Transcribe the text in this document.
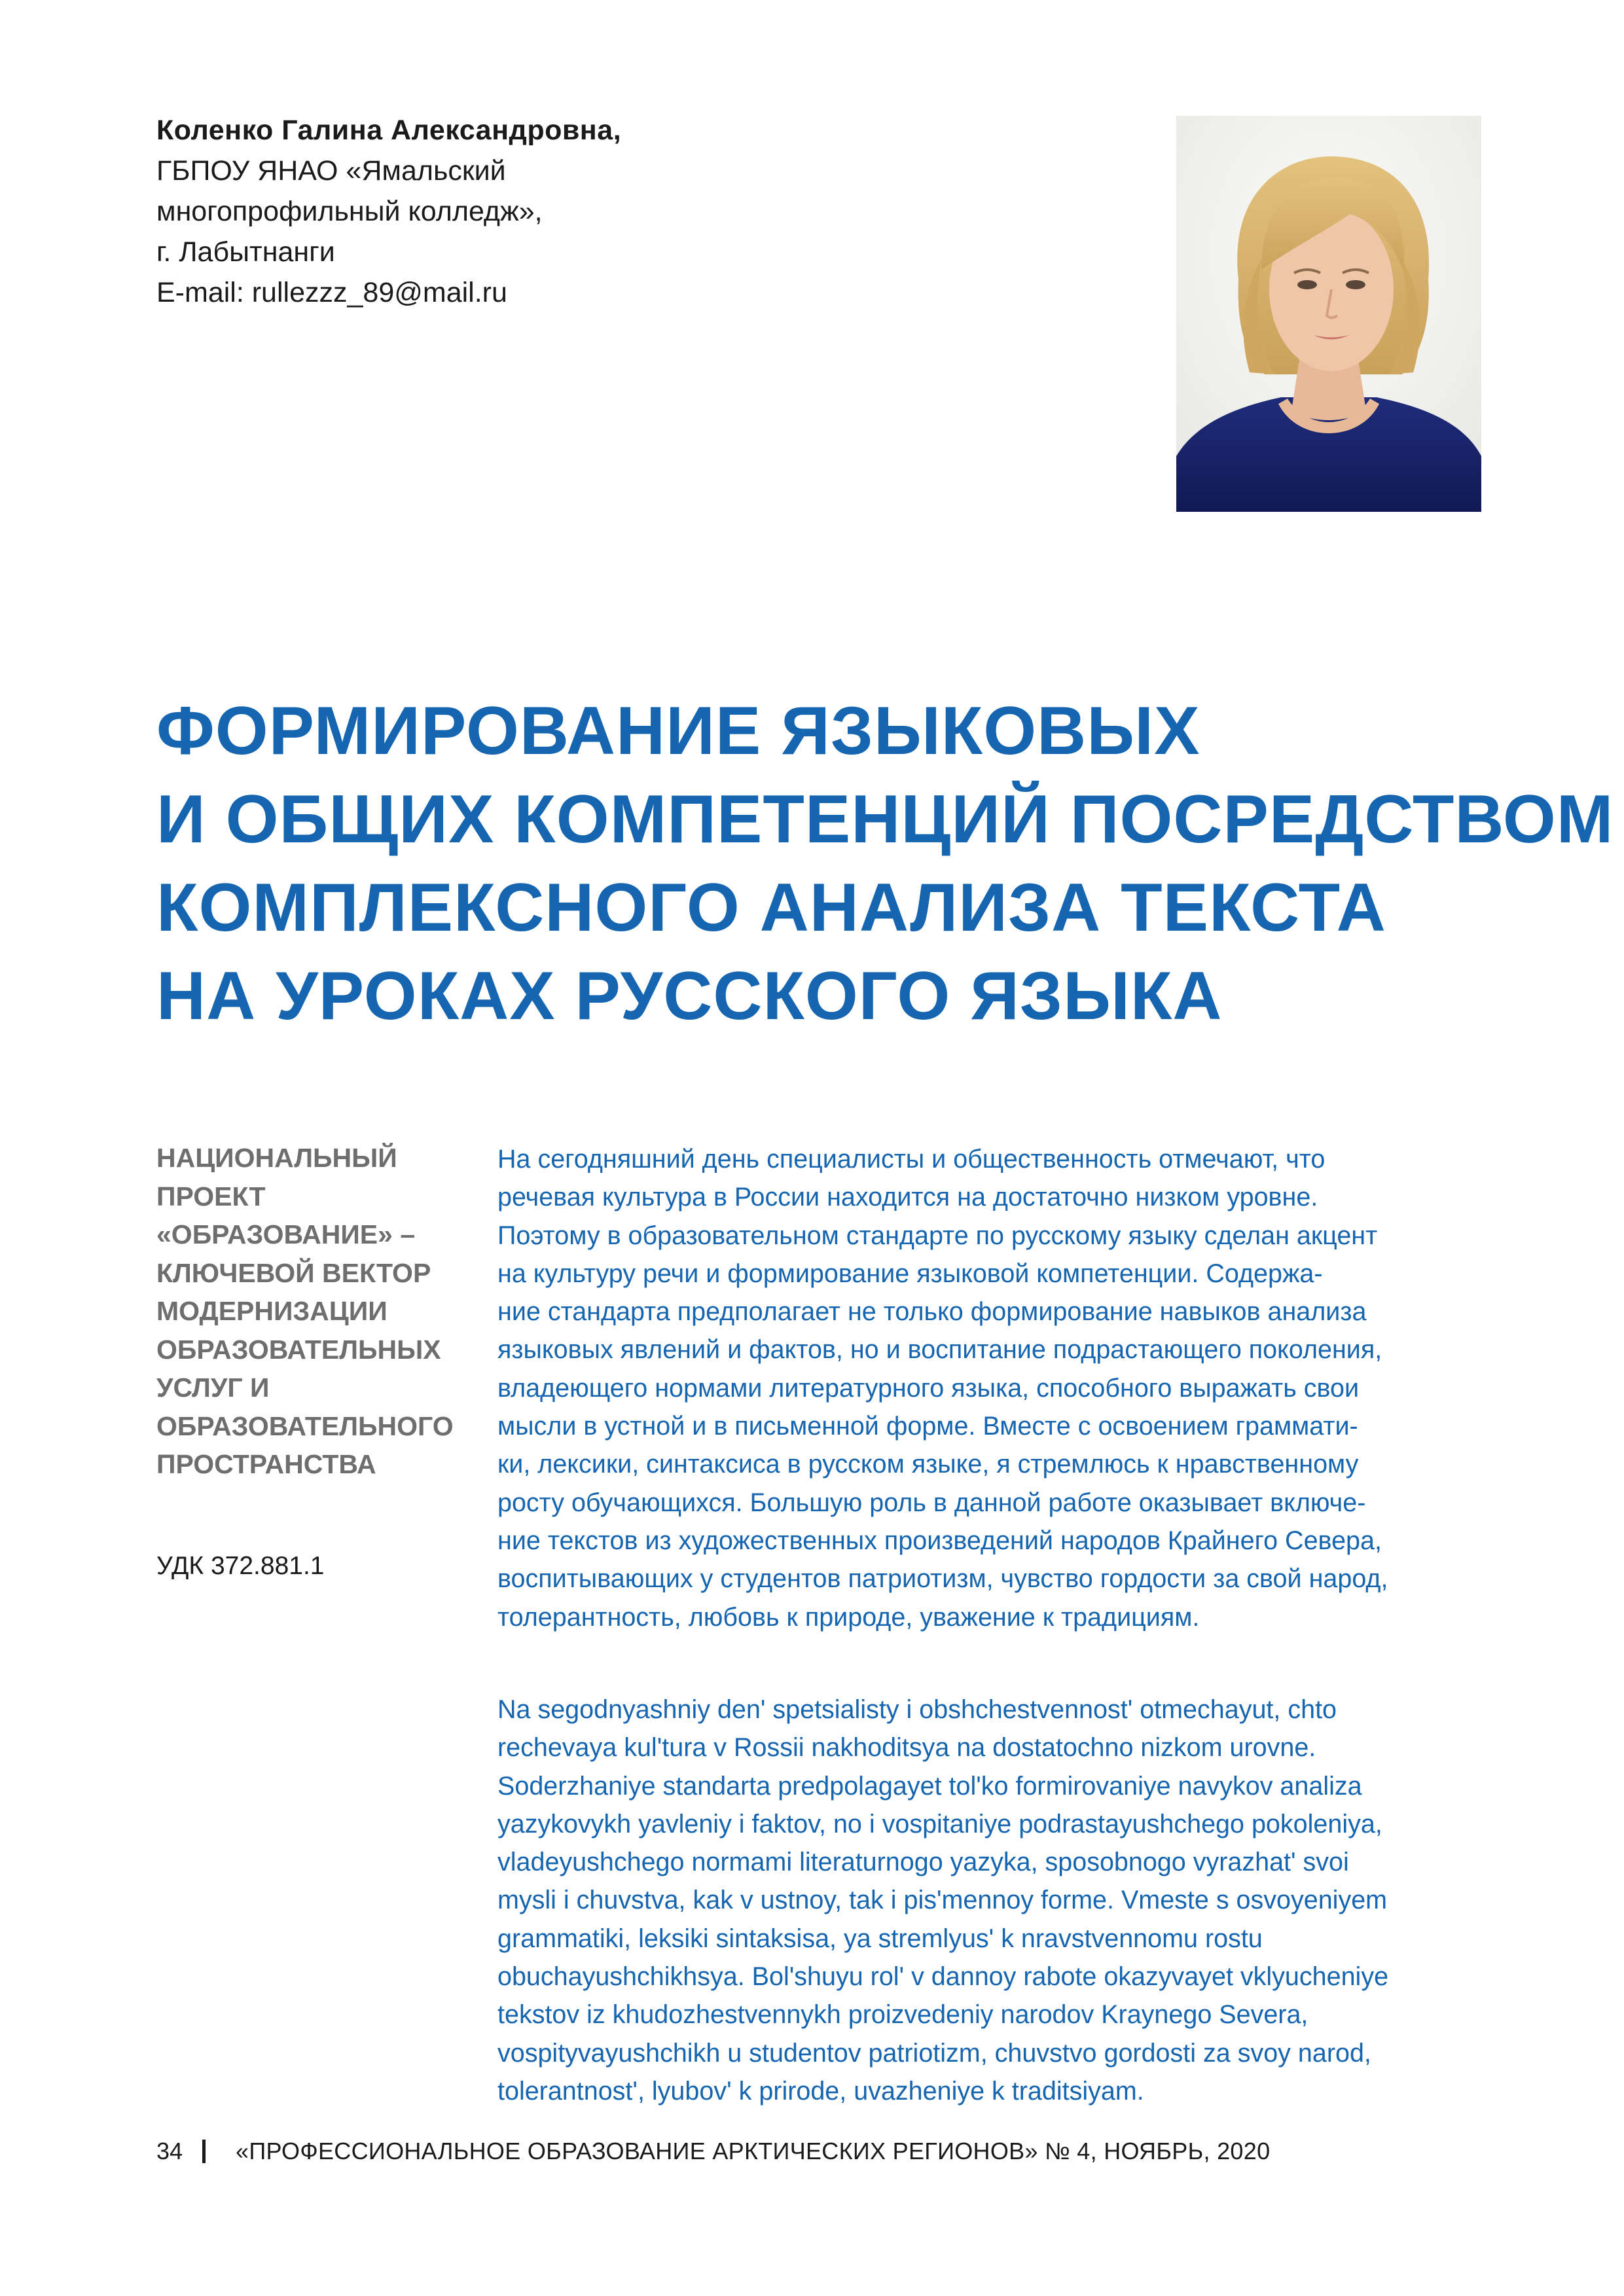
Коленко Галина Александровна,
ГБПОУ ЯНАО «Ямальский
многопрофильный колледж»,
г. Лабытнанги
E-mail: rullezzz_89@mail.ru
ФОРМИРОВАНИЕ ЯЗЫКОВЫХ
И ОБЩИХ КОМПЕТЕНЦИЙ ПОСРЕДСТВОМ
КОМПЛЕКСНОГО АНАЛИЗА ТЕКСТА
НА УРОКАХ РУССКОГО ЯЗЫКА
НАЦИОНАЛЬНЫЙ
ПРОЕКТ
«ОБРАЗОВАНИЕ» –
КЛЮЧЕВОЙ ВЕКТОР
МОДЕРНИЗАЦИИ
ОБРАЗОВАТЕЛЬНЫХ
УСЛУГ И
ОБРАЗОВАТЕЛЬНОГО
ПРОСТРАНСТВА
УДК 372.881.1
На сегодняшний день специалисты и общественность отмечают, что
речевая культура в России находится на достаточно низком уровне.
Поэтому в образовательном стандарте по русскому языку сделан акцент
на культуру речи и формирование языковой компетенции. Содержа-
ние стандарта предполагает не только формирование навыков анализа
языковых явлений и фактов, но и воспитание подрастающего поколения,
владеющего нормами литературного языка, способного выражать свои
мысли в устной и в письменной форме. Вместе с освоением граммати-
ки, лексики, синтаксиса в русском языке, я стремлюсь к нравственному
росту обучающихся. Большую роль в данной работе оказывает включе-
ние текстов из художественных произведений народов Крайнего Севера,
воспитывающих у студентов патриотизм, чувство гордости за свой народ,
толерантность, любовь к природе, уважение к традициям.
Na segodnyashniy den' spetsialisty i obshchestvennost' otmechayut, chto
rechevaya kul'tura v Rossii nakhoditsya na dostatochno nizkom urovne.
Soderzhaniye standarta predpolagayet tol'ko formirovaniye navykov analiza
yazykovykh yavleniy i faktov, no i vospitaniye podrastayushchego pokoleniya,
vladeyushchego normami literaturnogo yazyka, sposobnogo vyrazhat' svoi
mysli i chuvstva, kak v ustnoy, tak i pis'mennoy forme. Vmeste s osvoyeniyem
grammatiki, leksiki sintaksisa, ya stremlyus' k nravstvennomu rostu
obuchayushchikhsya. Bol'shuyu rol' v dannoy rabote okazyvayet vklyucheniye
tekstov iz khudozhestvennykh proizvedeniy narodov Kraynego Severa,
vospityvayushchikh u studentov patriotizm, chuvstvo gordosti za svoy narod,
tolerantnost', lyubov' k prirode, uvazheniye k traditsiyam.
34	«ПРОФЕССИОНАЛЬНОЕ ОБРАЗОВАНИЕ АРКТИЧЕСКИХ РЕГИОНОВ» № 4, НОЯБРЬ, 2020
